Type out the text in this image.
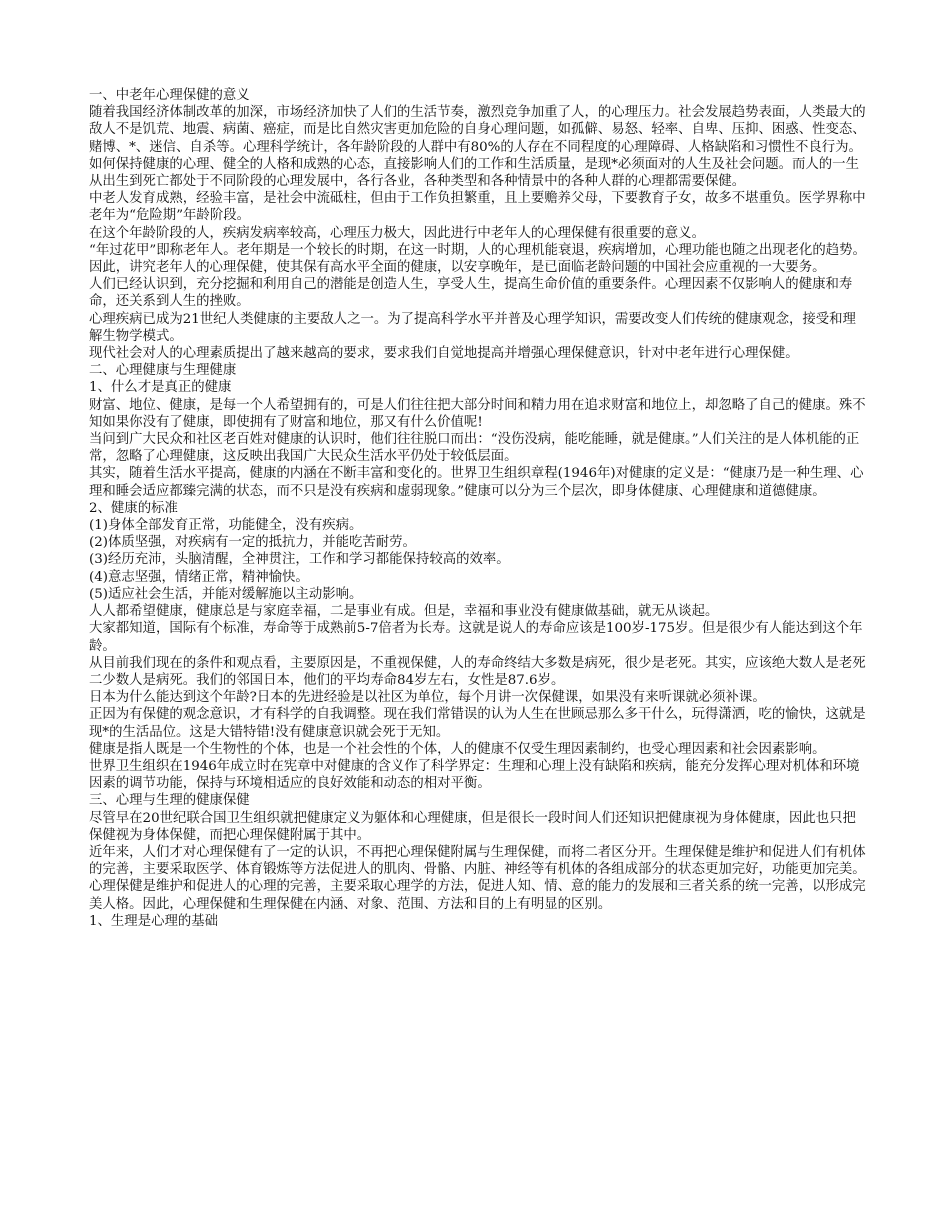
一、中老年心理保健的意义

随着我国经济体制改革的加深，市场经济加快了人们的生活节奏，激烈竞争加重了人，的心理压力。社会发展趋势表面，人类最大的敌人不是饥荒、地震、病菌、癌症，而是比自然灾害更加危险的自身心理问题，如孤僻、易怒、轻率、自卑、压抑、困惑、性变态、赌博、*、迷信、自杀等。心理科学统计，各年龄阶段的人群中有80%的人存在不同程度的心理障碍、人格缺陷和习惯性不良行为。

如何保持健康的心理、健全的人格和成熟的心态，直接影响人们的工作和生活质量，是现*必须面对的人生及社会问题。而人的一生从出生到死亡都处于不同阶段的心理发展中，各行各业，各种类型和各种情景中的各种人群的心理都需要保健。

中老人发育成熟，经验丰富，是社会中流砥柱，但由于工作负担繁重，且上要赡养父母，下要教育子女，故多不堪重负。医学界称中老年为“危险期”年龄阶段。

在这个年龄阶段的人，疾病发病率较高，心理压力极大，因此进行中老年人的心理保健有很重要的意义。

“年过花甲”即称老年人。老年期是一个较长的时期，在这一时期，人的心理机能衰退，疾病增加，心理功能也随之出现老化的趋势。因此，讲究老年人的心理保健，使其保有高水平全面的健康，以安享晚年，是已面临老龄问题的中国社会应重视的一大要务。

人们已经认识到，充分挖掘和利用自己的潜能是创造人生，享受人生，提高生命价值的重要条件。心理因素不仅影响人的健康和寿命，还关系到人生的挫败。

心理疾病已成为21世纪人类健康的主要敌人之一。为了提高科学水平并普及心理学知识，需要改变人们传统的健康观念，接受和理解生物学模式。

现代社会对人的心理素质提出了越来越高的要求，要求我们自觉地提高并增强心理保健意识，针对中老年进行心理保健。

二、心理健康与生理健康

1、什么才是真正的健康

财富、地位、健康，是每一个人希望拥有的，可是人们往往把大部分时间和精力用在追求财富和地位上，却忽略了自己的健康。殊不知如果你没有了健康，即使拥有了财富和地位，那又有什么价值呢!

当问到广大民众和社区老百姓对健康的认识时，他们往往脱口而出：“没伤没病，能吃能睡，就是健康。”人们关注的是人体机能的正常，忽略了心理健康，这反映出我国广大民众生活水平仍处于较低层面。

其实，随着生活水平提高，健康的内涵在不断丰富和变化的。世界卫生组织章程(1946年)对健康的定义是：“健康乃是一种生理、心理和睡会适应都臻完满的状态，而不只是没有疾病和虚弱现象。”健康可以分为三个层次，即身体健康、心理健康和道德健康。

2、健康的标准

(1)身体全部发育正常，功能健全，没有疾病。

(2)体质坚强，对疾病有一定的抵抗力，并能吃苦耐劳。

(3)经历充沛，头脑清醒，全神贯注，工作和学习都能保持较高的效率。

(4)意志坚强，情绪正常，精神愉快。

(5)适应社会生活，并能对缓解施以主动影响。

人人都希望健康，健康总是与家庭幸福，二是事业有成。但是，幸福和事业没有健康做基础，就无从谈起。

大家都知道，国际有个标准，寿命等于成熟前5-7倍者为长寿。这就是说人的寿命应该是100岁-175岁。但是很少有人能达到这个年龄。

从目前我们现在的条件和观点看，主要原因是，不重视保健，人的寿命终结大多数是病死，很少是老死。其实，应该绝大数人是老死二少数人是病死。我们的邻国日本，他们的平均寿命84岁左右，女性是87.6岁。

日本为什么能达到这个年龄?日本的先进经验是以社区为单位，每个月讲一次保健课，如果没有来听课就必须补课。

正因为有保健的观念意识，才有科学的自我调整。现在我们常错误的认为人生在世顾忌那么多干什么，玩得潇洒，吃的愉快，这就是现*的生活品位。这是大错特错!没有健康意识就会死于无知。

健康是指人既是一个生物性的个体，也是一个社会性的个体，人的健康不仅受生理因素制约，也受心理因素和社会因素影响。

世界卫生组织在1946年成立时在宪章中对健康的含义作了科学界定：生理和心理上没有缺陷和疾病，能充分发挥心理对机体和环境因素的调节功能，保持与环境相适应的良好效能和动态的相对平衡。

三、心理与生理的健康保健

尽管早在20世纪联合国卫生组织就把健康定义为躯体和心理健康，但是很长一段时间人们还知识把健康视为身体健康，因此也只把保健视为身体保健，而把心理保健附属于其中。

近年来，人们才对心理保健有了一定的认识，不再把心理保健附属与生理保健，而将二者区分开。生理保健是维护和促进人们有机体的完善，主要采取医学、体育锻炼等方法促进人的肌肉、骨骼、内脏、神经等有机体的各组成部分的状态更加完好，功能更加完美。心理保健是维护和促进人的心理的完善，主要采取心理学的方法，促进人知、情、意的能力的发展和三者关系的统一完善，以形成完美人格。因此，心理保健和生理保健在内涵、对象、范围、方法和目的上有明显的区别。

1、生理是心理的基础
